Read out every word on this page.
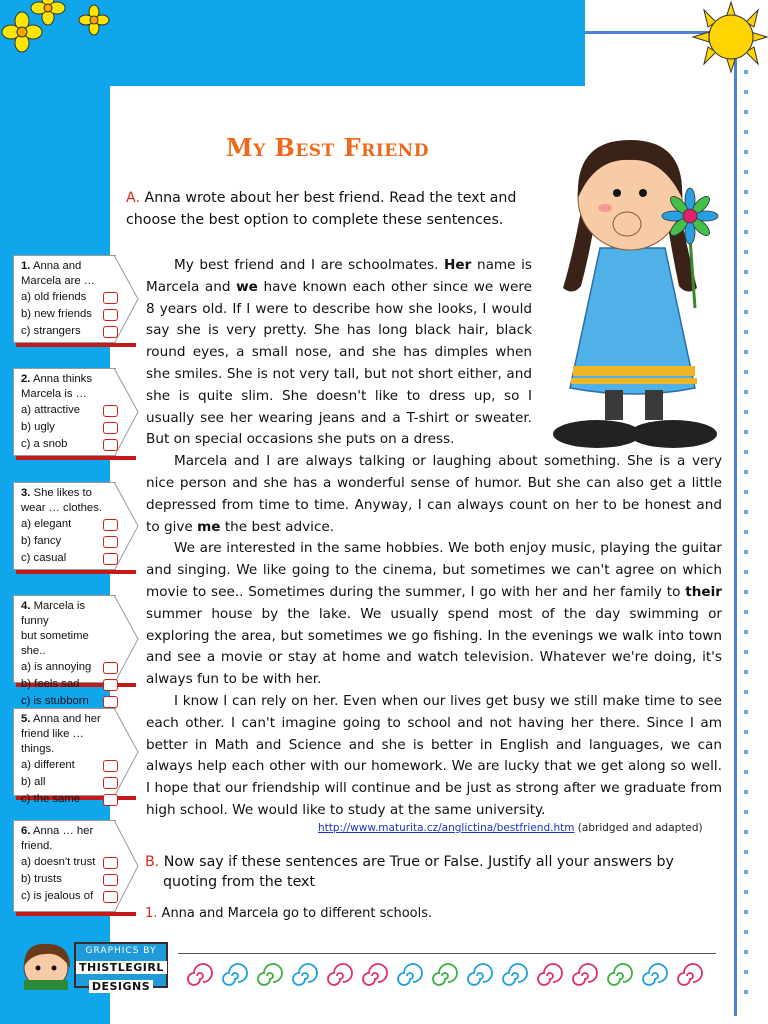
My Best Friend
A. Anna wrote about her best friend. Read the text and choose the best option to complete these sentences.

My best friend and I are schoolmates. Her name is Marcela and we have known each other since we were 8 years old. If I were to describe how she looks, I would say she is very pretty. She has long black hair, black round eyes, a small nose, and she has dimples when she smiles. She is not very tall, but not short either, and she is quite slim. She doesn't like to dress up, so I usually see her wearing jeans and a T-shirt or sweater. But on special occasions she puts on a dress.

Marcela and I are always talking or laughing about something. She is a very nice person and she has a wonderful sense of humor. But she can also get a little depressed from time to time. Anyway, I can always count on her to be honest and to give me the best advice.

We are interested in the same hobbies. We both enjoy music, playing the guitar and singing. We like going to the cinema, but sometimes we can't agree on which movie to see.. Sometimes during the summer, I go with her and her family to their summer house by the lake. We usually spend most of the day swimming or exploring the area, but sometimes we go fishing. In the evenings we walk into town and see a movie or stay at home and watch television. Whatever we're doing, it's always fun to be with her.

I know I can rely on her. Even when our lives get busy we still make time to see each other. I can't imagine going to school and not having her there. Since I am better in Math and Science and she is better in English and languages, we can always help each other with our homework. We are lucky that we get along so well. I hope that our friendship will continue and be just as strong after we graduate from high school. We would like to study at the same university.

http://www.maturita.cz/anglictina/bestfriend.htm (abridged and adapted)
B. Now say if these sentences are True or False. Justify all your answers by
quoting from the text
1. Anna and Marcela go to different schools.
1. Anna and
Marcela are …
a) old friends
b) new friends
c) strangers
2. Anna thinks
Marcela is …
a) attractive
b) ugly
c) a snob
3. She likes to
wear … clothes.
a) elegant
b) fancy
c) casual
4. Marcela is funny
but sometime she..
a) is annoying
b) feels sad
c) is stubborn
5. Anna and her
friend like … things.
a) different
b) all
c) the same
6. Anna … her
friend.
a) doesn't trust
b) trusts
c) is jealous of
GRAPHICS BY
THISTLEGIRL
DESIGNS
